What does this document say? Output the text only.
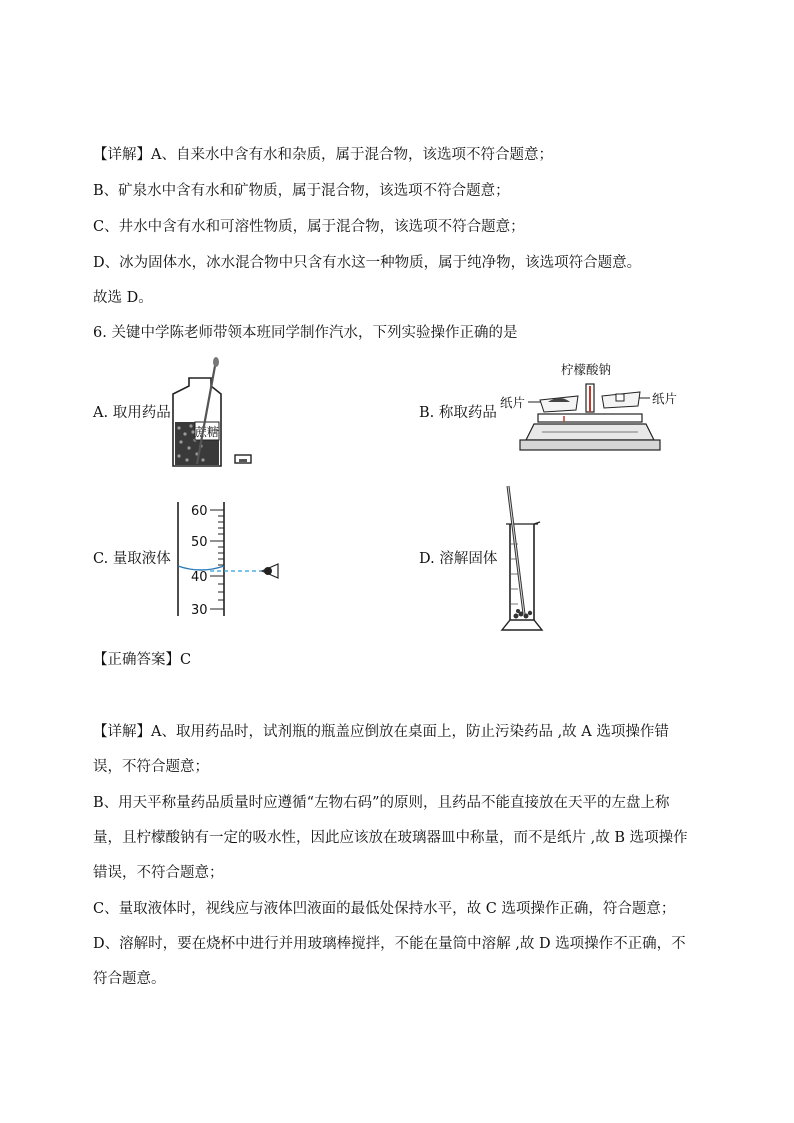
【详解】A、自来水中含有水和杂质，属于混合物，该选项不符合题意；
B、矿泉水中含有水和矿物质，属于混合物，该选项不符合题意；
C、井水中含有水和可溶性物质，属于混合物，该选项不符合题意；
D、冰为固体水，冰水混合物中只含有水这一种物质，属于纯净物，该选项符合题意。
故选 D。
6. 关键中学陈老师带领本班同学制作汽水，下列实验操作正确的是
A. 取用药品
蔗糖
B. 称取药品
柠檬酸钠
纸片	纸片
C. 量取液体
60
50
40
30
D. 溶解固体
【正确答案】C
【详解】A、取用药品时，试剂瓶的瓶盖应倒放在桌面上，防止污染药品 ,故 A 选项操作错
误，不符合题意；
B、用天平称量药品质量时应遵循“左物右码”的原则，且药品不能直接放在天平的左盘上称
量，且柠檬酸钠有一定的吸水性，因此应该放在玻璃器皿中称量，而不是纸片 ,故 B 选项操作
错误，不符合题意；
C、量取液体时，视线应与液体凹液面的最低处保持水平，故 C 选项操作正确，符合题意；
D、溶解时，要在烧杯中进行并用玻璃棒搅拌，不能在量筒中溶解 ,故 D 选项操作不正确，不
符合题意。
